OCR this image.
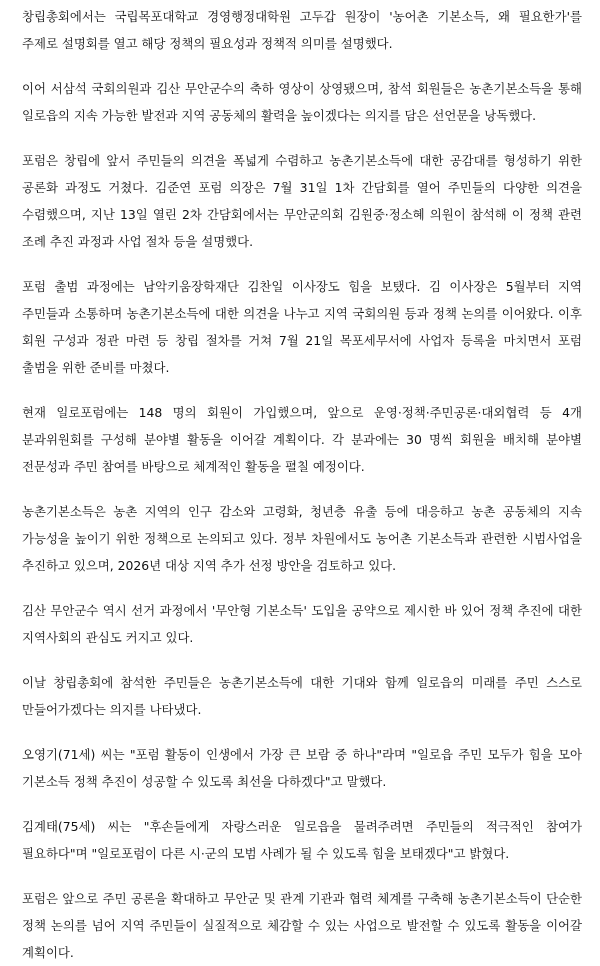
창립총회에서는 국립목포대학교 경영행정대학원 고두갑 원장이 '농어촌 기본소득, 왜 필요한가'를 주제로 설명회를 열고 해당 정책의 필요성과 정책적 의미를 설명했다.

이어 서삼석 국회의원과 김산 무안군수의 축하 영상이 상영됐으며, 참석 회원들은 농촌기본소득을 통해 일로읍의 지속 가능한 발전과 지역 공동체의 활력을 높이겠다는 의지를 담은 선언문을 낭독했다.

포럼은 창립에 앞서 주민들의 의견을 폭넓게 수렴하고 농촌기본소득에 대한 공감대를 형성하기 위한 공론화 과정도 거쳤다. 김준연 포럼 의장은 7월 31일 1차 간담회를 열어 주민들의 다양한 의견을 수렴했으며, 지난 13일 열린 2차 간담회에서는 무안군의회 김원중·정소혜 의원이 참석해 이 정책 관련 조례 추진 과정과 사업 절차 등을 설명했다.

포럼 출범 과정에는 남악키움장학재단 김찬일 이사장도 힘을 보탰다. 김 이사장은 5월부터 지역 주민들과 소통하며 농촌기본소득에 대한 의견을 나누고 지역 국회의원 등과 정책 논의를 이어왔다. 이후 회원 구성과 정관 마련 등 창립 절차를 거쳐 7월 21일 목포세무서에 사업자 등록을 마치면서 포럼 출범을 위한 준비를 마쳤다.

현재 일로포럼에는 148 명의 회원이 가입했으며, 앞으로 운영·정책·주민공론·대외협력 등 4개 분과위원회를 구성해 분야별 활동을 이어갈 계획이다. 각 분과에는 30 명씩 회원을 배치해 분야별 전문성과 주민 참여를 바탕으로 체계적인 활동을 펼칠 예정이다.

농촌기본소득은 농촌 지역의 인구 감소와 고령화, 청년층 유출 등에 대응하고 농촌 공동체의 지속 가능성을 높이기 위한 정책으로 논의되고 있다. 정부 차원에서도 농어촌 기본소득과 관련한 시범사업을 추진하고 있으며, 2026년 대상 지역 추가 선정 방안을 검토하고 있다.

김산 무안군수 역시 선거 과정에서 '무안형 기본소득' 도입을 공약으로 제시한 바 있어 정책 추진에 대한 지역사회의 관심도 커지고 있다.

이날 창립총회에 참석한 주민들은 농촌기본소득에 대한 기대와 함께 일로읍의 미래를 주민 스스로 만들어가겠다는 의지를 나타냈다.

오영기(71세) 씨는 "포럼 활동이 인생에서 가장 큰 보람 중 하나"라며 "일로읍 주민 모두가 힘을 모아 기본소득 정책 추진이 성공할 수 있도록 최선을 다하겠다"고 말했다.

김계태(75세) 씨는 "후손들에게 자랑스러운 일로읍을 물려주려면 주민들의 적극적인 참여가 필요하다"며 "일로포럼이 다른 시·군의 모범 사례가 될 수 있도록 힘을 보태겠다"고 밝혔다.

포럼은 앞으로 주민 공론을 확대하고 무안군 및 관계 기관과 협력 체계를 구축해 농촌기본소득이 단순한 정책 논의를 넘어 지역 주민들이 실질적으로 체감할 수 있는 사업으로 발전할 수 있도록 활동을 이어갈 계획이다.
